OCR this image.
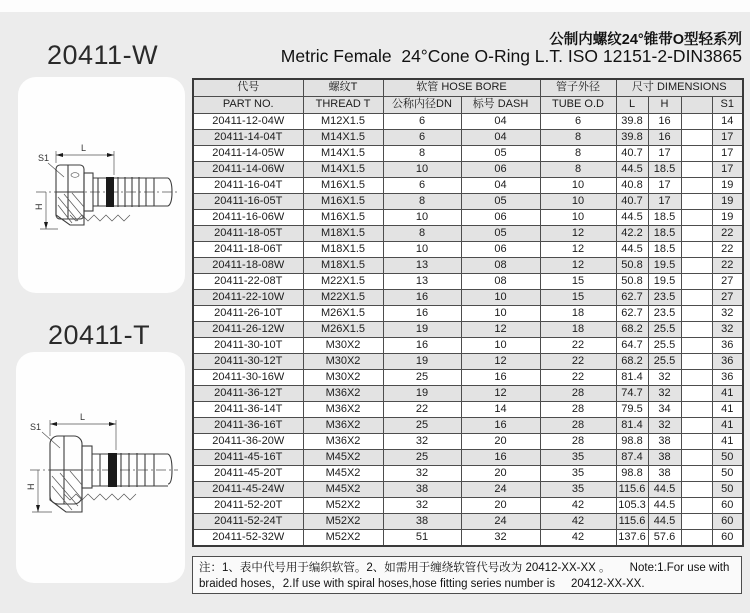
20411-W
L
S1
H
20411-T
L
S1
H
公制内螺纹24°锥带O型轻系列
Metric Female  24°Cone O-Ring L.T. ISO 12151-2-DIN3865
代号	螺纹T	软管 HOSE BORE		管子外径	尺寸 DIMENSIONS			
PART NO.	THREAD T	公称内径DN	标号 DASH	TUBE O.D	L	H		S1
20411-12-04W	M12X1.5	6	04	6	39.8	16		14
20411-14-04T	M14X1.5	6	04	8	39.8	16		17
20411-14-05W	M14X1.5	8	05	8	40.7	17		17
20411-14-06W	M14X1.5	10	06	8	44.5	18.5		17
20411-16-04T	M16X1.5	6	04	10	40.8	17		19
20411-16-05T	M16X1.5	8	05	10	40.7	17		19
20411-16-06W	M16X1.5	10	06	10	44.5	18.5		19
20411-18-05T	M18X1.5	8	05	12	42.2	18.5		22
20411-18-06T	M18X1.5	10	06	12	44.5	18.5		22
20411-18-08W	M18X1.5	13	08	12	50.8	19.5		22
20411-22-08T	M22X1.5	13	08	15	50.8	19.5		27
20411-22-10W	M22X1.5	16	10	15	62.7	23.5		27
20411-26-10T	M26X1.5	16	10	18	62.7	23.5		32
20411-26-12W	M26X1.5	19	12	18	68.2	25.5		32
20411-30-10T	M30X2	16	10	22	64.7	25.5		36
20411-30-12T	M30X2	19	12	22	68.2	25.5		36
20411-30-16W	M30X2	25	16	22	81.4	32		36
20411-36-12T	M36X2	19	12	28	74.7	32		41
20411-36-14T	M36X2	22	14	28	79.5	34		41
20411-36-16T	M36X2	25	16	28	81.4	32		41
20411-36-20W	M36X2	32	20	28	98.8	38		41
20411-45-16T	M45X2	25	16	35	87.4	38		50
20411-45-20T	M45X2	32	20	35	98.8	38		50
20411-45-24W	M45X2	38	24	35	115.6	44.5		50
20411-52-20T	M52X2	32	20	42	105.3	44.5		60
20411-52-24T	M52X2	38	24	42	115.6	44.5		60
20411-52-32W	M52X2	51	32	42	137.6	57.6		60
注：1、表中代号用于编织软管。2、如需用于缠绕软管代号改为 20412-XX-XX 。      Note:1.For use with
braided hoses，2.If use with spiral hoses,hose fitting series number is     20412-XX-XX.
